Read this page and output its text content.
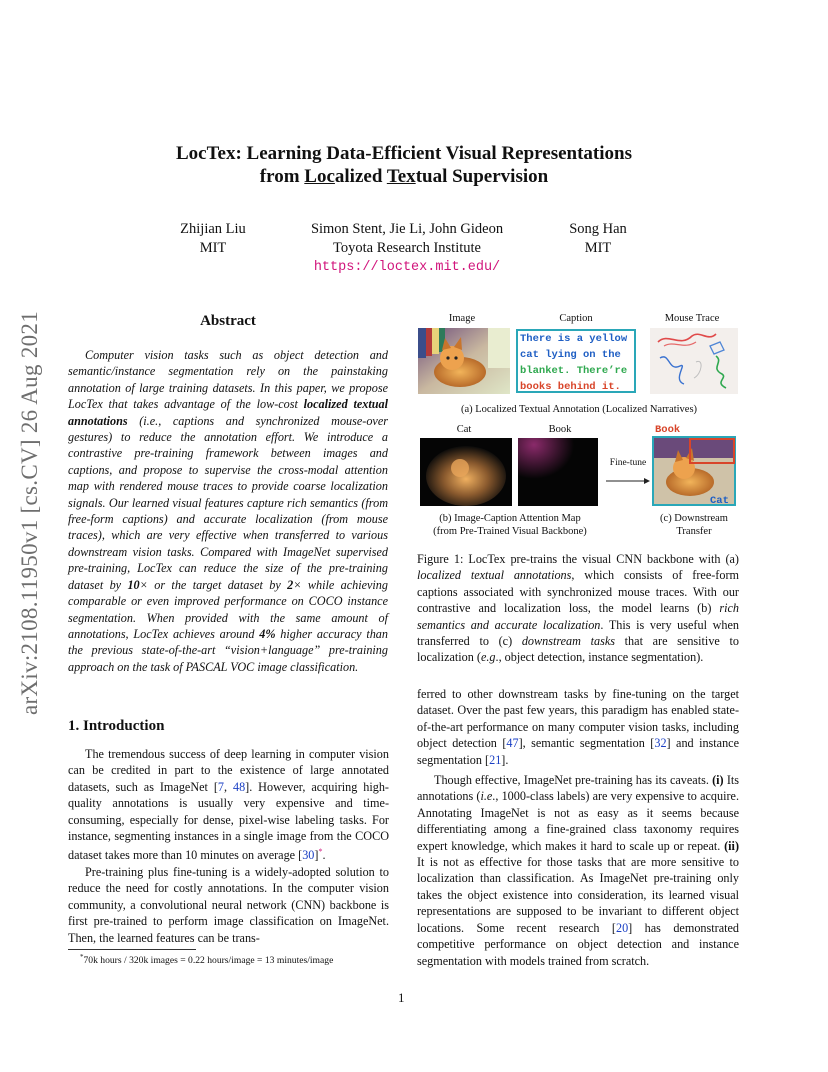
arXiv:2108.11950v1 [cs.CV] 26 Aug 2021
LocTex: Learning Data-Efficient Visual Representations
from Localized Textual Supervision
Zhijian Liu
MIT
Simon Stent, Jie Li, John Gideon
Toyota Research Institute
https://loctex.mit.edu/
Song Han
MIT
Abstract
Computer vision tasks such as object detection and semantic/instance segmentation rely on the painstaking annotation of large training datasets. In this paper, we propose LocTex that takes advantage of the low-cost localized textual annotations (i.e., captions and synchronized mouse-over gestures) to reduce the annotation effort. We introduce a contrastive pre-training framework between images and captions, and propose to supervise the cross-modal attention map with rendered mouse traces to provide coarse localization signals. Our learned visual features capture rich semantics (from free-form captions) and accurate localization (from mouse traces), which are very effective when transferred to various downstream vision tasks. Compared with ImageNet supervised pre-training, LocTex can reduce the size of the pre-training dataset by 10× or the target dataset by 2× while achieving comparable or even improved performance on COCO instance segmentation. When provided with the same amount of annotations, LocTex achieves around 4% higher accuracy than the previous state-of-the-art “vision+language” pre-training approach on the task of PASCAL VOC image classification.
Image	Caption	Mouse Trace
There is a yellow
cat lying on the
blanket. There’re
books behind it.
(a) Localized Textual Annotation (Localized Narratives)
Cat	Book
Fine-tune
Book
Cat
(b) Image-Caption Attention Map
(from Pre-Trained Visual Backbone)
(c) Downstream
Transfer
Figure 1: LocTex pre-trains the visual CNN backbone with (a) localized textual annotations, which consists of free-form captions associated with synchronized mouse traces. With our contrastive and localization loss, the model learns (b) rich semantics and accurate localization. This is very useful when transferred to (c) downstream tasks that are sensitive to localization (e.g., object detection, instance segmentation).
1. Introduction

The tremendous success of deep learning in computer vision can be credited in part to the existence of large annotated datasets, such as ImageNet [7, 48]. However, acquiring high-quality annotations is usually very expensive and time-consuming, especially for dense, pixel-wise labeling tasks. For instance, segmenting instances in a single image from the COCO dataset takes more than 10 minutes on average [30]*.

Pre-training plus fine-tuning is a widely-adopted solution to reduce the need for costly annotations. In the computer vision community, a convolutional neural network (CNN) backbone is first pre-trained to perform image classification on ImageNet. Then, the learned features can be trans-

ferred to other downstream tasks by fine-tuning on the target dataset. Over the past few years, this paradigm has enabled state-of-the-art performance on many computer vision tasks, including object detection [47], semantic segmentation [32] and instance segmentation [21].

Though effective, ImageNet pre-training has its caveats. (i) Its annotations (i.e., 1000-class labels) are very expensive to acquire. Annotating ImageNet is not as easy as it seems because differentiating among a fine-grained class taxonomy requires expert knowledge, which makes it hard to scale up or repeat. (ii) It is not as effective for those tasks that are more sensitive to localization than classification. As ImageNet pre-training only takes the object existence into consideration, its learned visual representations are supposed to be invariant to different object locations. Some recent research [20] has demonstrated competitive performance on object detection and instance segmentation with models trained from scratch.

*70k hours / 320k images = 0.22 hours/image = 13 minutes/image
1
